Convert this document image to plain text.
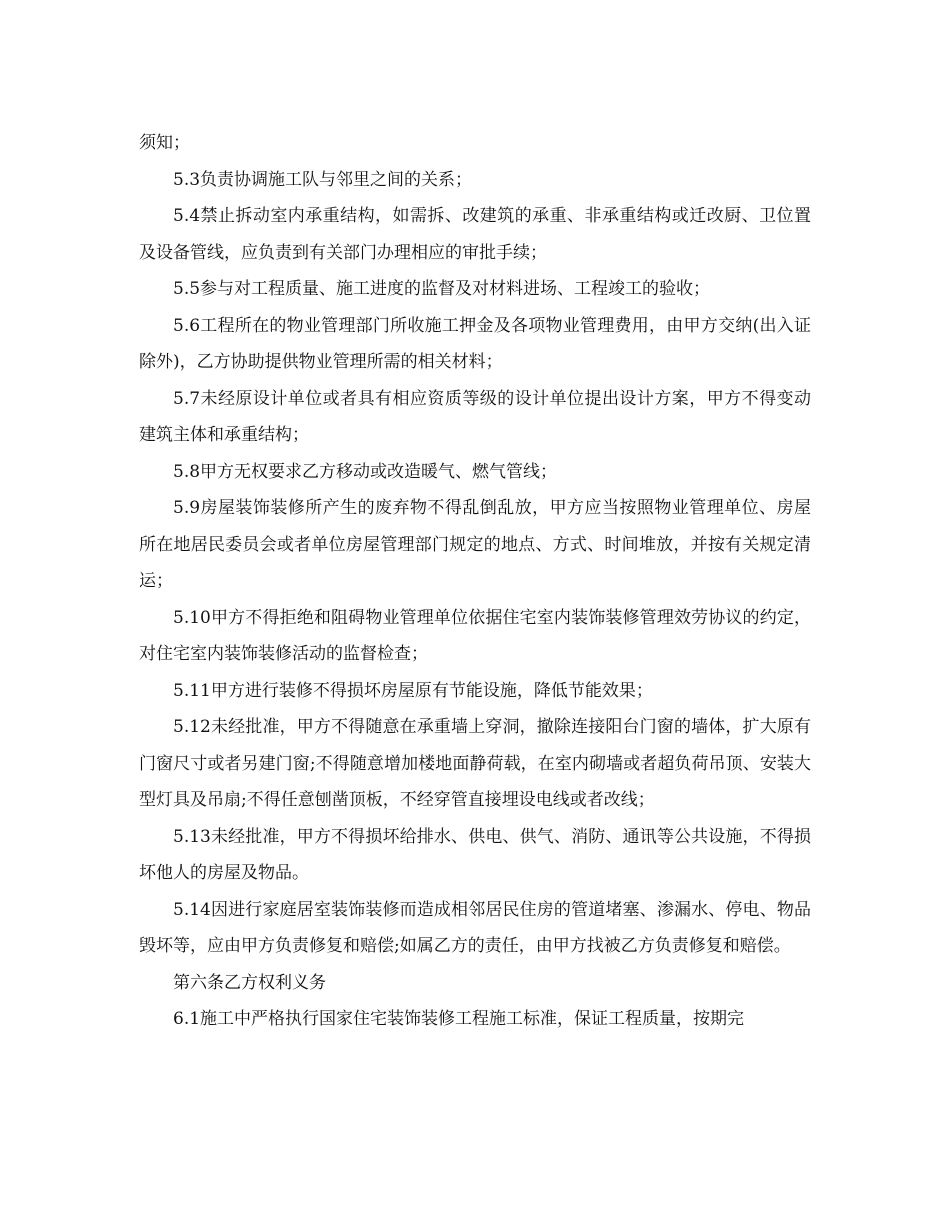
须知；

5.3负责协调施工队与邻里之间的关系；

5.4禁止拆动室内承重结构，如需拆、改建筑的承重、非承重结构或迁改厨、卫位置及设备管线，应负责到有关部门办理相应的审批手续；

5.5参与对工程质量、施工进度的监督及对材料进场、工程竣工的验收；

5.6工程所在的物业管理部门所收施工押金及各项物业管理费用，由甲方交纳(出入证除外)，乙方协助提供物业管理所需的相关材料；

5.7未经原设计单位或者具有相应资质等级的设计单位提出设计方案，甲方不得变动建筑主体和承重结构；

5.8甲方无权要求乙方移动或改造暖气、燃气管线；

5.9房屋装饰装修所产生的废弃物不得乱倒乱放，甲方应当按照物业管理单位、房屋所在地居民委员会或者单位房屋管理部门规定的地点、方式、时间堆放，并按有关规定清运；

5.10甲方不得拒绝和阻碍物业管理单位依据住宅室内装饰装修管理效劳协议的约定，对住宅室内装饰装修活动的监督检查；

5.11甲方进行装修不得损坏房屋原有节能设施，降低节能效果；

5.12未经批准，甲方不得随意在承重墙上穿洞，撤除连接阳台门窗的墙体，扩大原有门窗尺寸或者另建门窗;不得随意增加楼地面静荷载，在室内砌墙或者超负荷吊顶、安装大型灯具及吊扇;不得任意刨凿顶板，不经穿管直接埋设电线或者改线；

5.13未经批准，甲方不得损坏给排水、供电、供气、消防、通讯等公共设施，不得损坏他人的房屋及物品。

5.14因进行家庭居室装饰装修而造成相邻居民住房的管道堵塞、渗漏水、停电、物品毁坏等，应由甲方负责修复和赔偿;如属乙方的责任，由甲方找被乙方负责修复和赔偿。

第六条乙方权利义务

6.1施工中严格执行国家住宅装饰装修工程施工标准，保证工程质量，按期完
